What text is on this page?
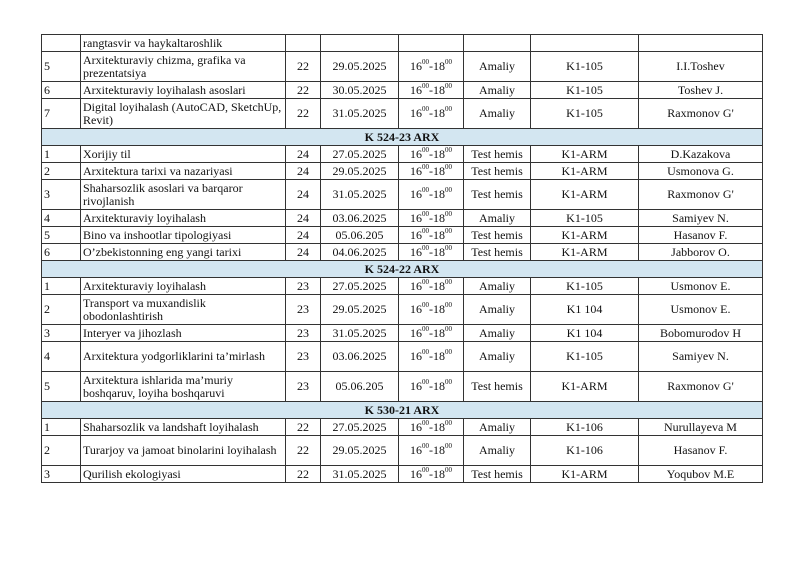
	rangtasvir va haykaltaroshlik						
5	Arxitekturaviy chizma, grafika va prezentatsiya	22	29.05.2025	$16^{00}-18^{00}$	Amaliy	K1-105	I.I.Toshev
6	Arxitekturaviy loyihalash asoslari	22	30.05.2025	$16^{00}-18^{00}$	Amaliy	K1-105	Toshev J.
7	Digital loyihalash (AutoCAD, SketchUp, Revit)	22	31.05.2025	$16^{00}-18^{00}$	Amaliy	K1-105	Raxmonov G'
K 524-23 ARX							
1	Xorijiy til	24	27.05.2025	$16^{00}-18^{00}$	Test hemis	K1-ARM	D.Kazakova
2	Arxitektura tarixi va nazariyasi	24	29.05.2025	$16^{00}-18^{00}$	Test hemis	K1-ARM	Usmonova G.
3	Shaharsozlik asoslari va barqaror rivojlanish	24	31.05.2025	$16^{00}-18^{00}$	Test hemis	K1-ARM	Raxmonov G'
4	Arxitekturaviy loyihalash	24	03.06.2025	$16^{00}-18^{00}$	Amaliy	K1-105	Samiyev N.
5	Bino va inshootlar tipologiyasi	24	05.06.205	$16^{00}-18^{00}$	Test hemis	K1-ARM	Hasanov F.
6	O’zbekistonning eng yangi tarixi	24	04.06.2025	$16^{00}-18^{00}$	Test hemis	K1-ARM	Jabborov O.
K 524-22 ARX							
1	Arxitekturaviy loyihalash	23	27.05.2025	$16^{00}-18^{00}$	Amaliy	K1-105	Usmonov E.
2	Transport va muxandislik obodonlashtirish	23	29.05.2025	$16^{00}-18^{00}$	Amaliy	K1 104	Usmonov E.
3	Interyer va jihozlash	23	31.05.2025	$16^{00}-18^{00}$	Amaliy	K1 104	Bobomurodov H
4	Arxitektura yodgorliklarini ta’mirlash	23	03.06.2025	$16^{00}-18^{00}$	Amaliy	K1-105	Samiyev N.
5	Arxitektura ishlarida ma’muriy boshqaruv, loyiha boshqaruvi	23	05.06.205	$16^{00}-18^{00}$	Test hemis	K1-ARM	Raxmonov G'
K 530-21 ARX							
1	Shaharsozlik va landshaft loyihalash	22	27.05.2025	$16^{00}-18^{00}$	Amaliy	K1-106	Nurullayeva M
2	Turarjoy va jamoat binolarini loyihalash	22	29.05.2025	$16^{00}-18^{00}$	Amaliy	K1-106	Hasanov F.
3	Qurilish ekologiyasi	22	31.05.2025	$16^{00}-18^{00}$	Test hemis	K1-ARM	Yoqubov M.E
